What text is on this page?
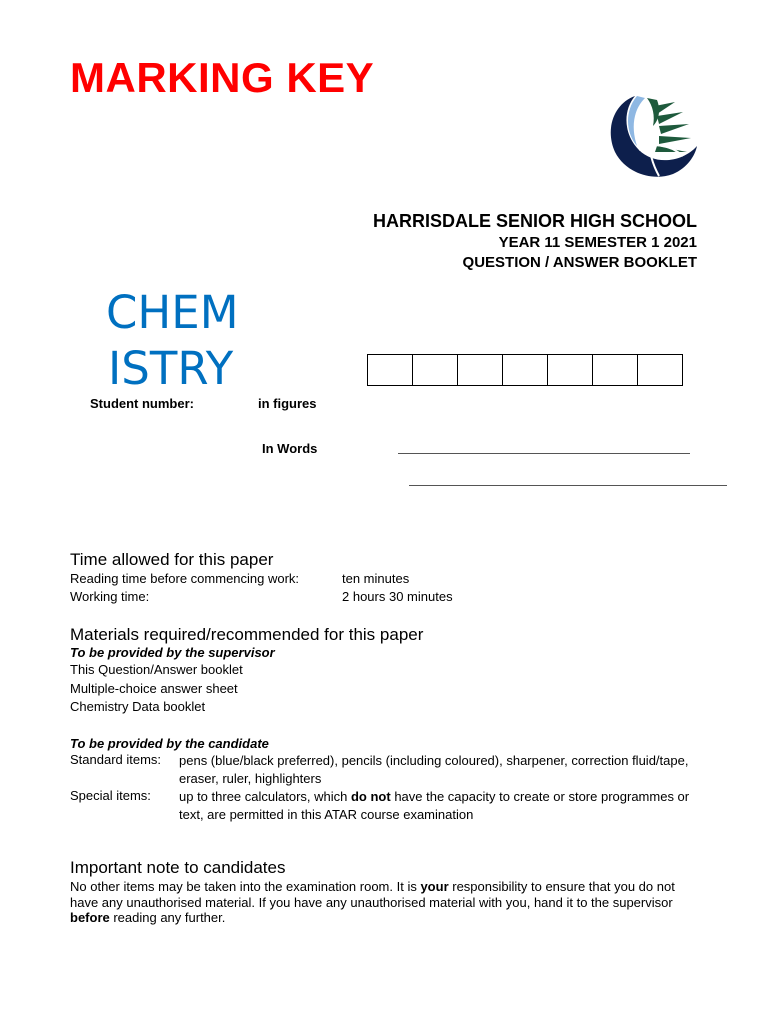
MARKING KEY
HARRISDALE SENIOR HIGH SCHOOL
YEAR 11 SEMESTER 1 2021
QUESTION / ANSWER BOOKLET
CHEM
ISTRY
Student number:	in figures
In Words
Time allowed for this paper
Reading time before commencing work:	ten minutes
Working time:	2 hours 30 minutes
Materials required/recommended for this paper
To be provided by the supervisor
This Question/Answer booklet
Multiple-choice answer sheet
Chemistry Data booklet
To be provided by the candidate
Standard items: pens (blue/black preferred), pencils (including coloured), sharpener, correction fluid/tape, eraser, ruler, highlighters
Special items: up to three calculators, which do not have the capacity to create or store programmes or text, are permitted in this ATAR course examination
Important note to candidates
No other items may be taken into the examination room. It is your responsibility to ensure that you do not have any unauthorised material. If you have any unauthorised material with you, hand it to the supervisor before reading any further.
